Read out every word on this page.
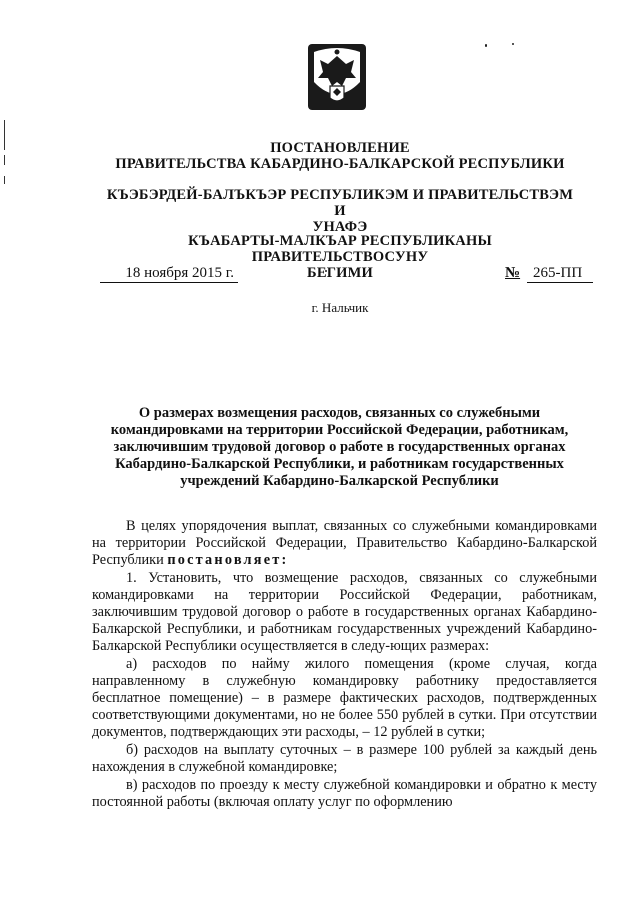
ПОСТАНОВЛЕНИЕ
ПРАВИТЕЛЬСТВА КАБАРДИНО-БАЛКАРСКОЙ РЕСПУБЛИКИ
КЪЭБЭРДЕЙ-БАЛЪКЪЭР РЕСПУБЛИКЭМ И ПРАВИТЕЛЬСТВЭМ И
УНАФЭ
КЪАБАРТЫ-МАЛКЪАР РЕСПУБЛИКАНЫ ПРАВИТЕЛЬСТВОСУНУ
БЕГИМИ
18 ноября 2015 г.	№ 265-ПП
г. Нальчик
О размерах возмещения расходов, связанных со служебными
командировками на территории Российской Федерации, работникам,
заключившим трудовой договор о работе в государственных органах
Кабардино-Балкарской Республики, и работникам государственных
учреждений Кабардино-Балкарской Республики

В целях упорядочения выплат, связанных со служебными командировками на территории Российской Федерации, Правительство Кабардино-Балкарской Республики постановляет:

1. Установить, что возмещение расходов, связанных со служебными командировками на территории Российской Федерации, работникам, заключившим трудовой договор о работе в государственных органах Кабардино-Балкарской Республики, и работникам государственных учреждений Кабардино-Балкарской Республики осуществляется в следу-ющих размерах:

а) расходов по найму жилого помещения (кроме случая, когда направленному в служебную командировку работнику предоставляется бесплатное помещение) – в размере фактических расходов, подтвержденных соответствующими документами, но не более 550 рублей в сутки. При отсутствии документов, подтверждающих эти расходы, – 12 рублей в сутки;

б) расходов на выплату суточных – в размере 100 рублей за каждый день нахождения в служебной командировке;

в) расходов по проезду к месту служебной командировки и обратно к месту постоянной работы (включая оплату услуг по оформлению
